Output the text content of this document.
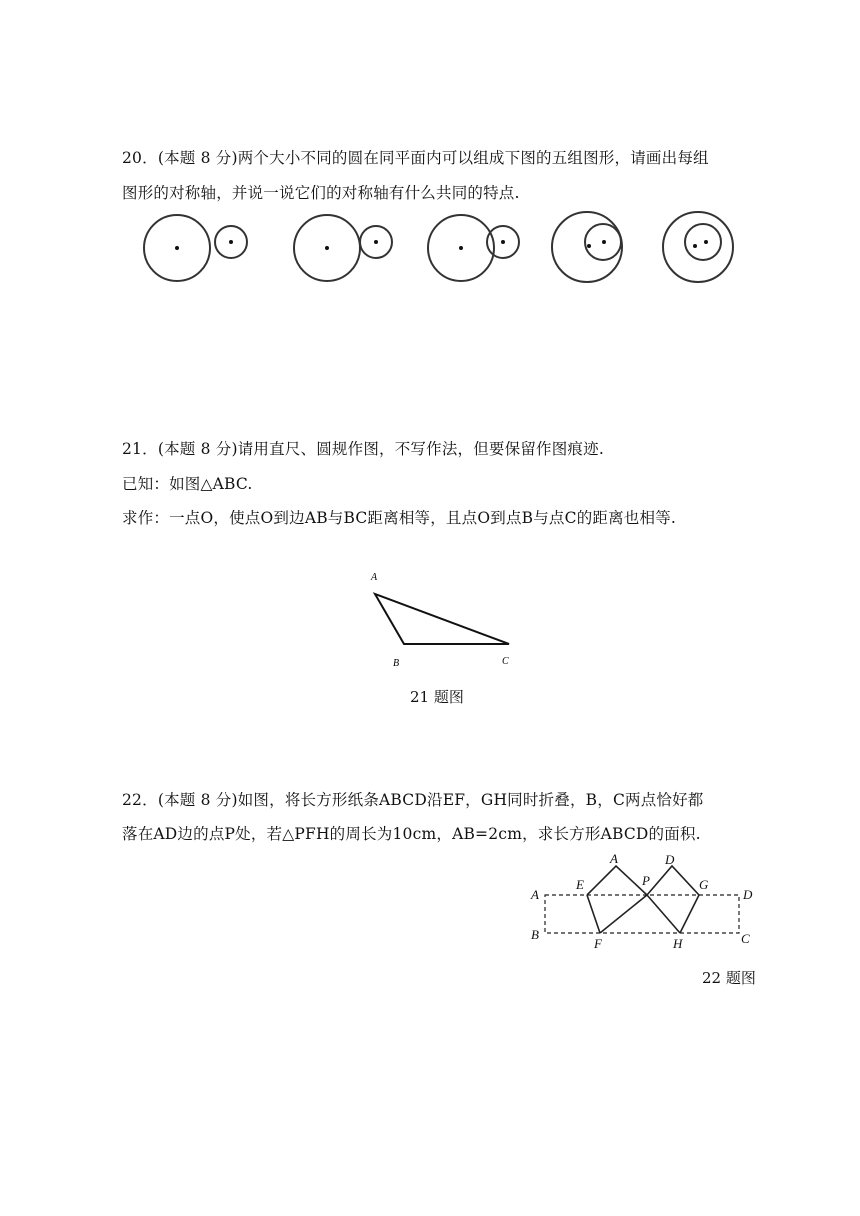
20．(本题 8 分)两个大小不同的圆在同平面内可以组成下图的五组图形，请画出每组
图形的对称轴，并说一说它们的对称轴有什么共同的特点.
21．(本题 8 分)请用直尺、圆规作图，不写作法，但要保留作图痕迹.
已知：如图△ABC.
求作：一点O，使点O到边AB与BC距离相等，且点O到点B与点C的距离也相等.
A
B	C
21 题图
22．(本题 8 分)如图，将长方形纸条ABCD沿EF，GH同时折叠，B，C两点恰好都
落在AD边的点P处，若△PFH的周长为10cm，AB=2cm，求长方形ABCD的面积.
A
B	C
D
E
F
G
H
P
A	D
22 题图
